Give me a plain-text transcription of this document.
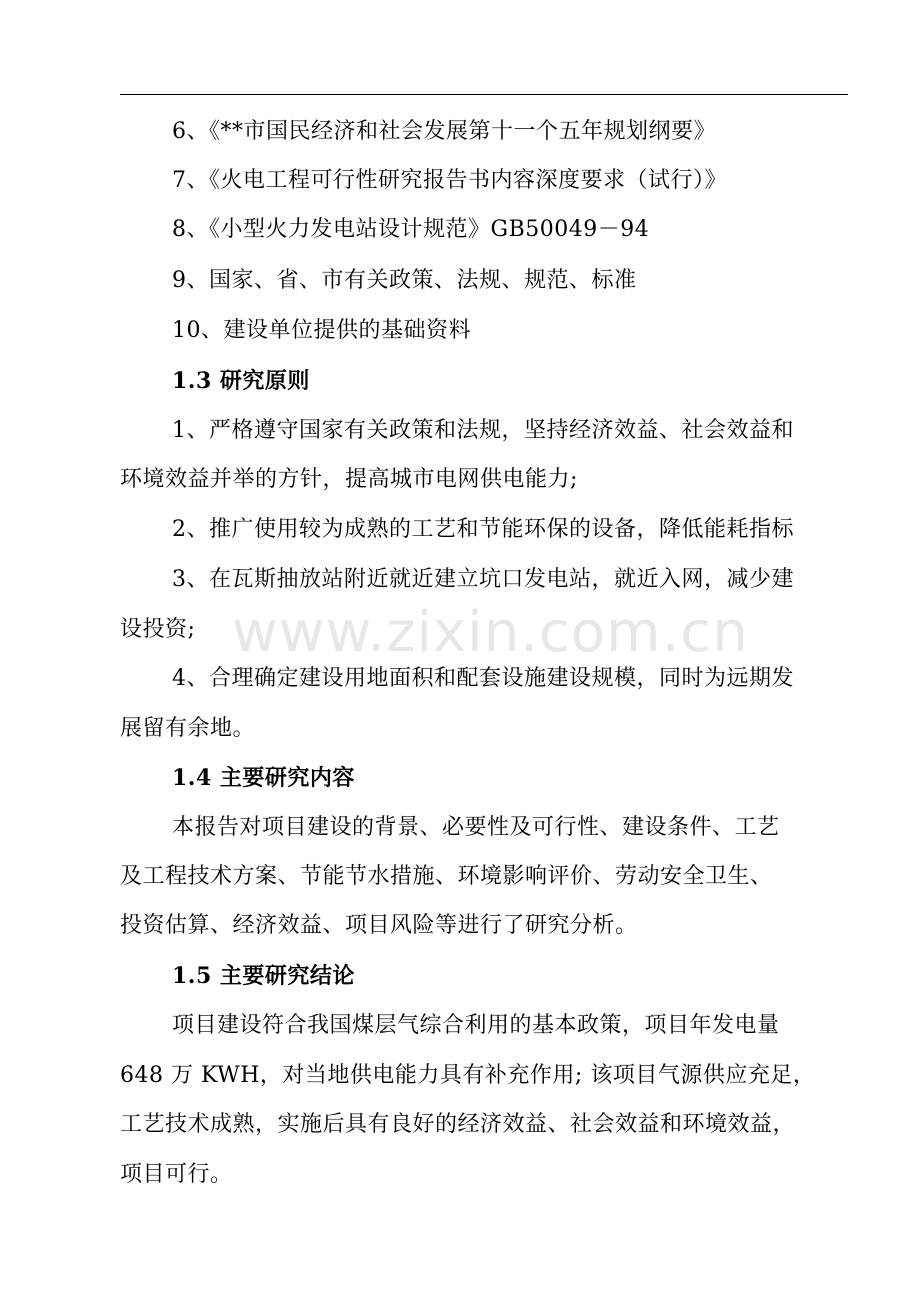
www.zixin.com.cn
6、《**市国民经济和社会发展第十一个五年规划纲要》
7、《火电工程可行性研究报告书内容深度要求（试行）》
8、《小型火力发电站设计规范》GB50049－94
9、国家、省、市有关政策、法规、规范、标准
10、建设单位提供的基础资料
1.3 研究原则
1、严格遵守国家有关政策和法规，坚持经济效益、社会效益和
环境效益并举的方针，提高城市电网供电能力;
2、推广使用较为成熟的工艺和节能环保的设备，降低能耗指标
3、在瓦斯抽放站附近就近建立坑口发电站，就近入网，减少建
设投资;
4、合理确定建设用地面积和配套设施建设规模，同时为远期发
展留有余地。
1.4 主要研究内容
本报告对项目建设的背景、必要性及可行性、建设条件、工艺
及工程技术方案、节能节水措施、环境影响评价、劳动安全卫生、
投资估算、经济效益、项目风险等进行了研究分析。
1.5 主要研究结论
项目建设符合我国煤层气综合利用的基本政策，项目年发电量
648 万 KWH，对当地供电能力具有补充作用; 该项目气源供应充足，
工艺技术成熟，实施后具有良好的经济效益、社会效益和环境效益，
项目可行。
